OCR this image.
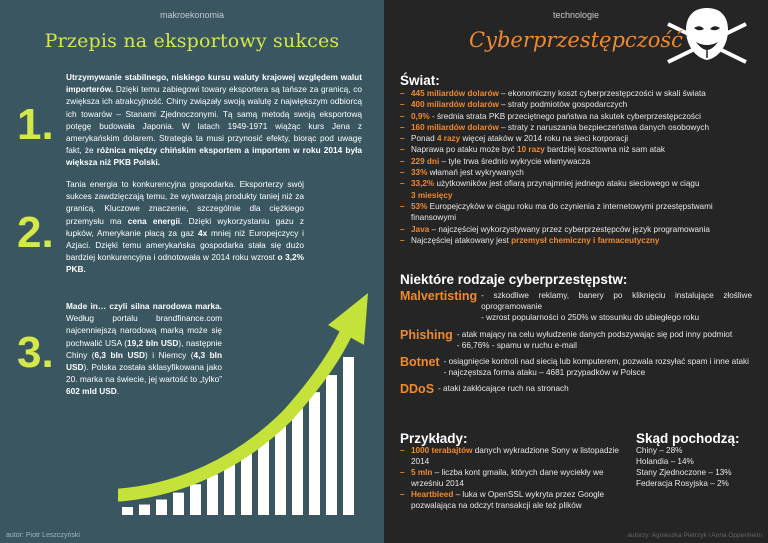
makroekonomia
Przepis na eksportowy sukces
1.
2.
3.
Utrzymywanie stabilnego, niskiego kursu waluty krajowej względem walut importerów. Dzięki temu zabiegowi towary eksportera są tańsze za granicą, co zwiększa ich atrakcyjność. Chiny związały swoją walutę z największym odbiorcą ich towarów – Stanami Zjednoczonymi. Tą samą metodą swoją eksportową potęgę budowała Japonia. W latach 1949-1971 wiążąc kurs Jena z amerykańskim dolarem. Strategia ta musi przynosić efekty, biorąc pod uwagę fakt, że różnica między chińskim eksportem a importem w roku 2014 była większa niż PKB Polski.
Tania energia to konkurencyjna gospodarka. Eksporterzy swój sukces zawdzięczają temu, że wytwarzają produkty taniej niż za granicą. Kluczowe znaczenie, szczególnie dla ciężkiego przemysłu ma cena energii. Dzięki wykorzystaniu gazu z łupków, Amerykanie płacą za gaz 4x mniej niż Europejczycy i Azjaci. Dzięki temu amerykańska gospodarka stała się dużo bardziej konkurencyjna i odnotowała w 2014 roku wzrost o 3,2% PKB.
Made in… czyli silna narodowa marka. Według portalu brandfinance.com najcenniejszą narodową marką może się pochwalić USA (19,2 bln USD), następnie Chiny (6,3 bln USD) i Niemcy (4,3 bln USD). Polska została sklasyfikowana jako 20. marka na świecie, jej wartość to „tylko” 602 mld USD.
autor: Piotr Leszczyński
technologie
Cyberprzestępczość
Świat:
– 445 miliardów dolarów – ekonomiczny koszt cyberprzestępczości w skali świata
– 400 miliardów dolarów – straty podmiotów gospodarczych
– 0,9% - średnia strata PKB przeciętnego państwa na skutek cyberprzestępczości
– 160 miliardów dolarów – straty z naruszania bezpieczeństwa danych osobowych
– Ponad 4 razy więcej ataków w 2014 roku na sieci korporacji
– Naprawa po ataku może być 10 razy bardziej kosztowna niż sam atak
– 229 dni – tyle trwa średnio wykrycie włamywacza
– 33% włamań jest wykrywanych
– 33,2% użytkowników jest ofiarą przynajmniej jednego ataku sieciowego w ciągu
3 miesięcy
– 53% Europejczyków w ciągu roku ma do czynienia z internetowymi przestępstwami finansowymi
– Java – najczęściej wykorzystywany przez cyberprzestępców język programowania
– Najczęściej atakowany jest przemysł chemiczny i farmaceutyczny
Niektóre rodzaje cyberprzestępstw:
Malvertisting - szkodliwe reklamy, banery po kliknięciu instalujące złośliwe oprogramowanie
- wzrost popularności o 250% w stosunku do ubiegłego roku
Phishing - atak mający na celu wyłudzenie danych podszywając się pod inny podmiot
- 66,76% - spamu w ruchu e-mail
Botnet - osiągnięcie kontroli nad siecią lub komputerem, pozwala rozsyłać spam i inne ataki
- najczęstsza forma ataku – 4681 przypadków w Polsce
DDoS - ataki zakłócające ruch na stronach
Przykłady:
– 1000 terabajtów danych wykradzione Sony w listopadzie 2014
– 5 mln – liczba kont gmaila, których dane wyciekły we wrześniu 2014
– Heartbleed – luka w OpenSSL wykryta przez Google pozwalająca na odczyt transakcji ale też plików
Skąd pochodzą:
Chiny – 28%
Holandia – 14%
Stany Zjednoczone – 13%
Federacja Rosyjska – 2%
autorzy: Agnieszka Pietrzyk i Anna Oppenheim
